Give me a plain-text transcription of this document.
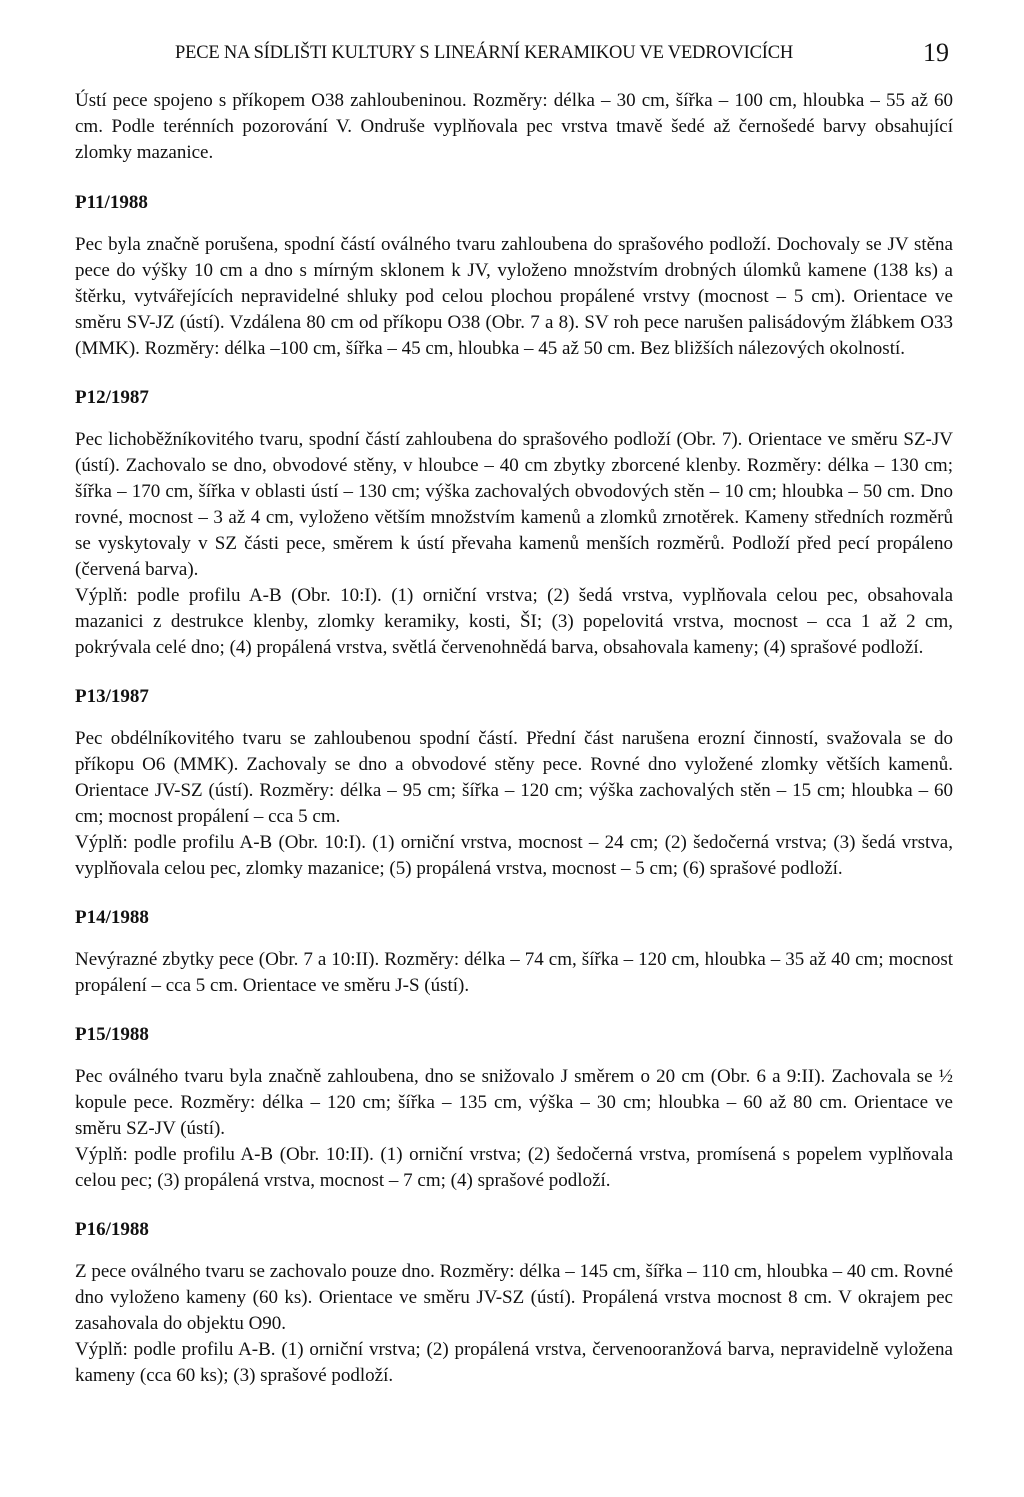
PECE NA SÍDLIŠTI KULTURY S LINEÁRNÍ KERAMIKOU VE VEDROVICÍCH	19

Ústí pece spojeno s příkopem O38 zahloubeninou. Rozměry: délka – 30 cm, šířka – 100 cm, hloubka – 55 až 60 cm. Podle terénních pozorování V. Ondruše vyplňovala pec vrstva tmavě šedé až černošedé barvy obsahující zlomky mazanice.

P11/1988

Pec byla značně porušena, spodní částí oválného tvaru zahloubena do sprašového podloží. Dochovaly se JV stěna pece do výšky 10 cm a dno s mírným sklonem k JV, vyloženo množstvím drobných úlomků kamene (138 ks) a štěrku, vytvářejících nepravidelné shluky pod celou plochou propálené vrstvy (mocnost – 5 cm). Orientace ve směru SV-JZ (ústí). Vzdálena 80 cm od příkopu O38 (Obr. 7 a 8). SV roh pece narušen palisádovým žlábkem O33 (MMK). Rozměry: délka –100 cm, šířka – 45 cm, hloubka – 45 až 50 cm. Bez bližších nálezových okolností.

P12/1987

Pec lichoběžníkovitého tvaru, spodní částí zahloubena do sprašového podloží (Obr. 7). Orientace ve směru SZ-JV (ústí). Zachovalo se dno, obvodové stěny, v hloubce – 40 cm zbytky zborcené klenby. Rozměry: délka – 130 cm; šířka – 170 cm, šířka v oblasti ústí – 130 cm; výška zachovalých obvodových stěn – 10 cm; hloubka – 50 cm. Dno rovné, mocnost – 3 až 4 cm, vyloženo větším množstvím kamenů a zlomků zrnotěrek. Kameny středních rozměrů se vyskytovaly v SZ části pece, směrem k ústí převaha kamenů menších rozměrů. Podloží před pecí propáleno (červená barva).

Výplň: podle profilu A-B (Obr. 10:I). (1) orniční vrstva; (2) šedá vrstva, vyplňovala celou pec, obsahovala mazanici z destrukce klenby, zlomky keramiky, kosti, ŠI; (3) popelovitá vrstva, mocnost – cca 1 až 2 cm, pokrývala celé dno; (4) propálená vrstva, světlá červenohnědá barva, obsahovala kameny; (4) sprašové podloží.

P13/1987

Pec obdélníkovitého tvaru se zahloubenou spodní částí. Přední část narušena erozní činností, svažovala se do příkopu O6 (MMK). Zachovaly se dno a obvodové stěny pece. Rovné dno vyložené zlomky větších kamenů. Orientace JV-SZ (ústí). Rozměry: délka – 95 cm; šířka – 120 cm; výška zachovalých stěn – 15 cm; hloubka – 60 cm; mocnost propálení – cca 5 cm.

Výplň: podle profilu A-B (Obr. 10:I). (1) orniční vrstva, mocnost – 24 cm; (2) šedočerná vrstva; (3) šedá vrstva, vyplňovala celou pec, zlomky mazanice; (5) propálená vrstva, mocnost – 5 cm; (6) sprašové podloží.

P14/1988

Nevýrazné zbytky pece (Obr. 7 a 10:II). Rozměry: délka – 74 cm, šířka – 120 cm, hloubka – 35 až 40 cm; mocnost propálení – cca 5 cm. Orientace ve směru J-S (ústí).

P15/1988

Pec oválného tvaru byla značně zahloubena, dno se snižovalo J směrem o 20 cm (Obr. 6 a 9:II). Zachovala se ½ kopule pece. Rozměry: délka – 120 cm; šířka – 135 cm, výška – 30 cm; hloubka – 60 až 80 cm. Orientace ve směru SZ-JV (ústí).

Výplň: podle profilu A-B (Obr. 10:II). (1) orniční vrstva; (2) šedočerná vrstva, promísená s popelem vyplňovala celou pec; (3) propálená vrstva, mocnost – 7 cm; (4) sprašové podloží.

P16/1988

Z pece oválného tvaru se zachovalo pouze dno. Rozměry: délka – 145 cm, šířka – 110 cm, hloubka – 40 cm. Rovné dno vyloženo kameny (60 ks). Orientace ve směru JV-SZ (ústí). Propálená vrstva mocnost 8 cm. V okrajem pec zasahovala do objektu O90.

Výplň: podle profilu A-B. (1) orniční vrstva; (2) propálená vrstva, červenooranžová barva, nepravidelně vyložena kameny (cca 60 ks); (3) sprašové podloží.
